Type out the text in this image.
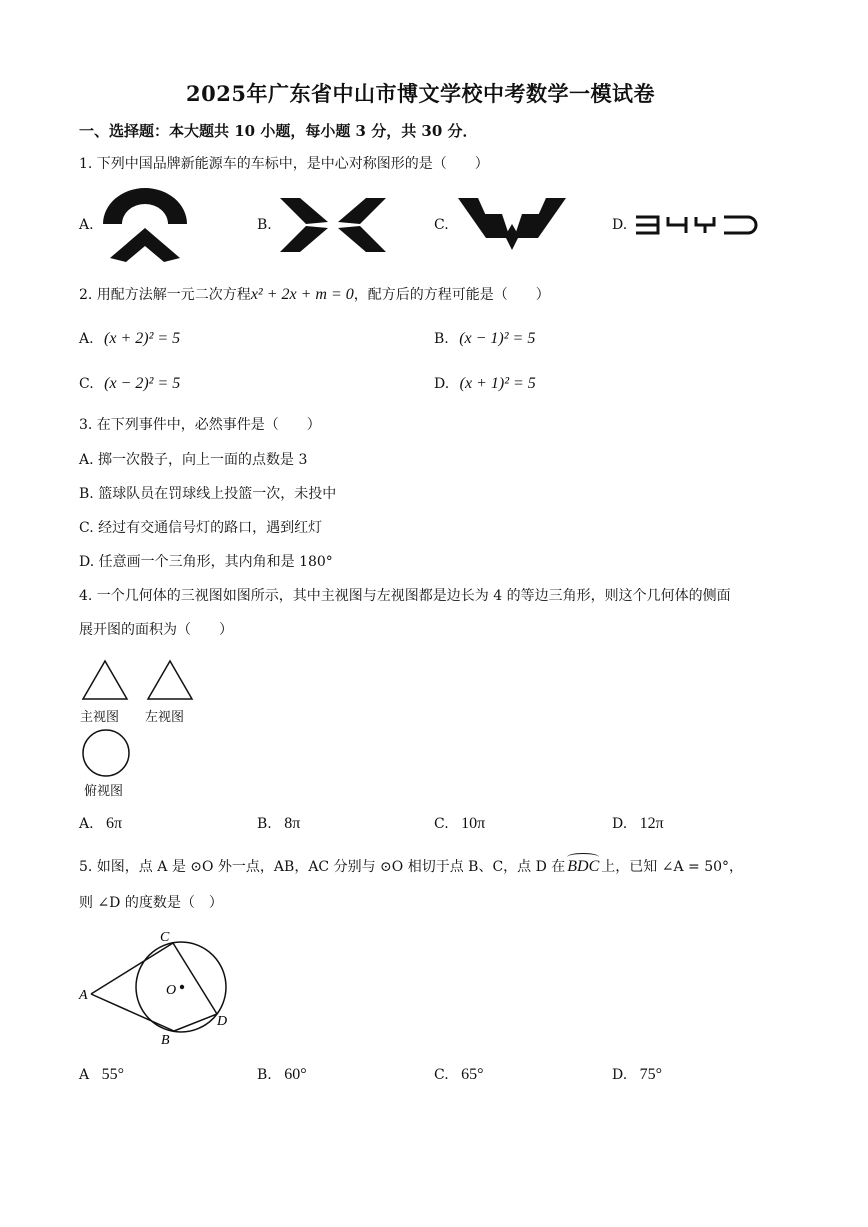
2025年广东省中山市博文学校中考数学一模试卷
一、选择题：本大题共 10 小题，每小题 3 分，共 30 分．
1. 下列中国品牌新能源车的车标中，是中心对称图形的是（　　）
A.	B.	C.	D.
2. 用配方法解一元二次方程x² + 2x + m = 0，配方后的方程可能是（　　）
A. (x + 2)² = 5	B. (x − 1)² = 5
C. (x − 2)² = 5	D. (x + 1)² = 5
3. 在下列事件中，必然事件是（　　）
A. 掷一次骰子，向上一面的点数是 3
B. 篮球队员在罚球线上投篮一次，未投中
C. 经过有交通信号灯的路口，遇到红灯
D. 任意画一个三角形，其内角和是 180°
4. 一个几何体的三视图如图所示，其中主视图与左视图都是边长为 4 的等边三角形，则这个几何体的侧面
展开图的面积为（　　）
主视图 左视图
俯视图
A. 6π	B. 8π	C. 10π	D. 12π
5. 如图，点 A 是 ⊙O 外一点，AB，AC 分别与 ⊙O 相切于点 B、C，点 D 在 BDC 上，已知 ∠A = 50°，
则 ∠D 的度数是（　）
A
C
O
D
B
A 55°	B. 60°	C. 65°	D. 75°
